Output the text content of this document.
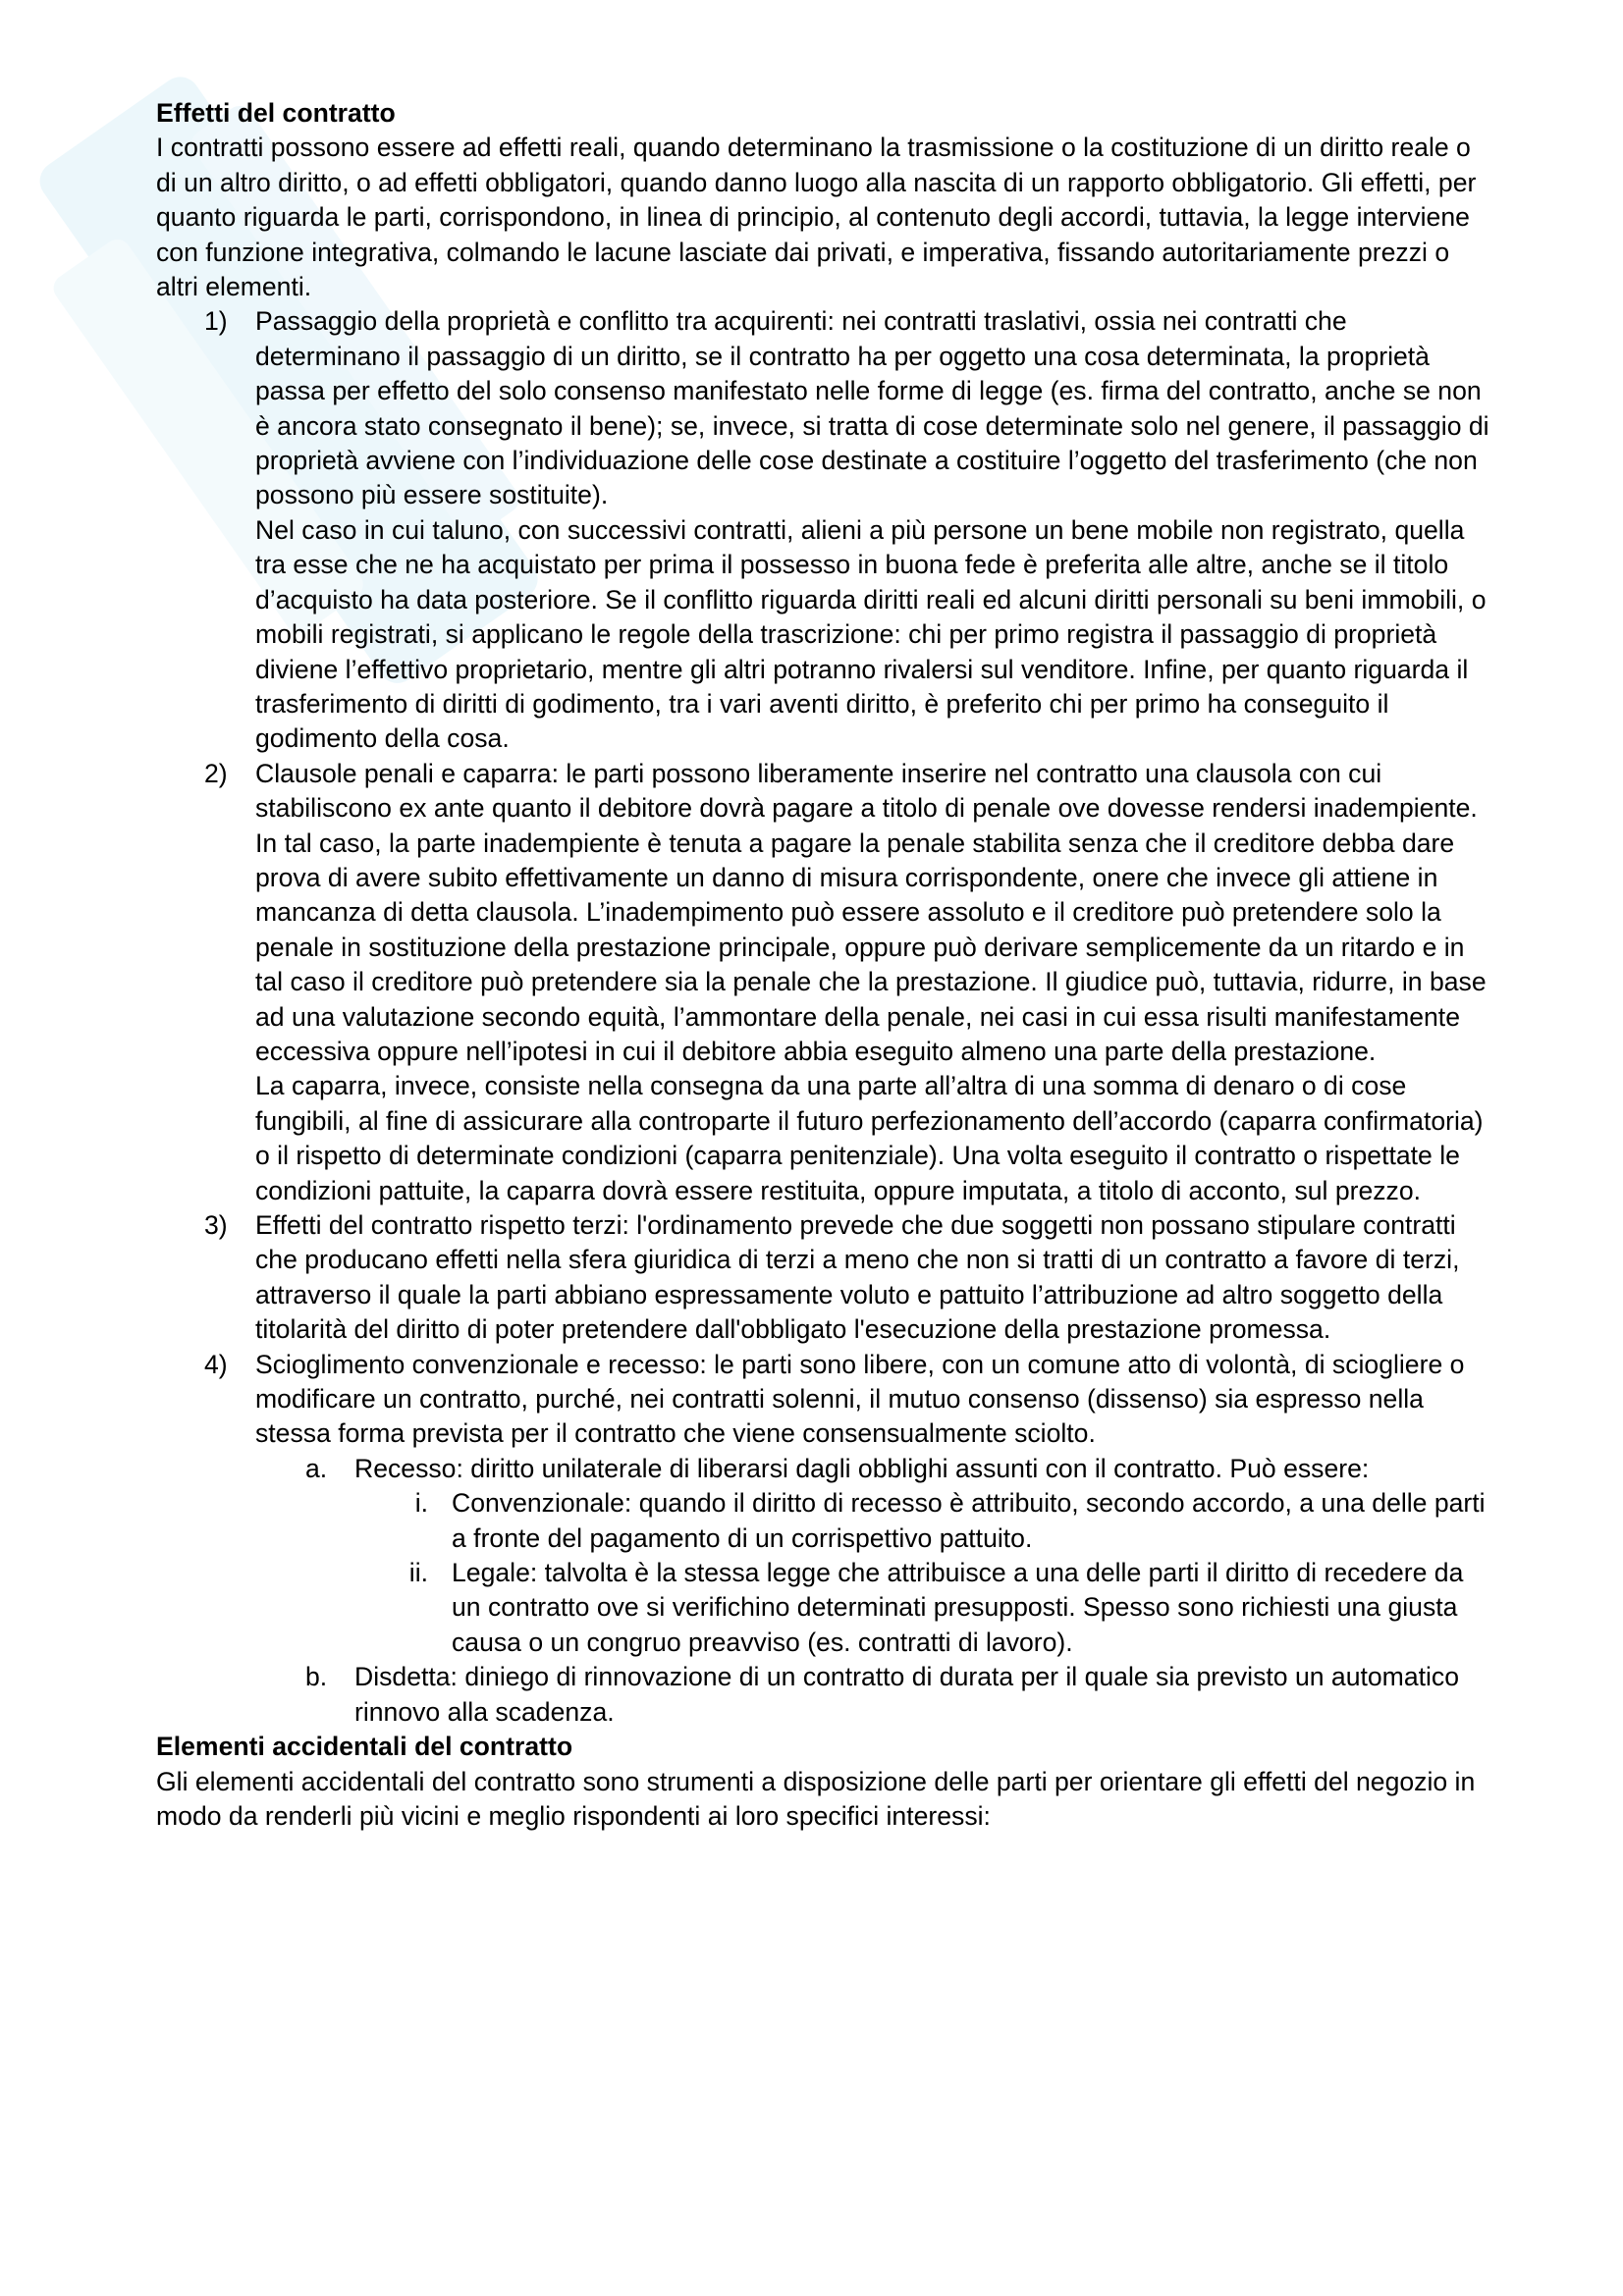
Effetti del contratto

I contratti possono essere ad effetti reali, quando determinano la trasmissione o la costituzione di un diritto reale o di un altro diritto, o ad effetti obbligatori, quando danno luogo alla nascita di un rapporto obbligatorio. Gli effetti, per quanto riguarda le parti, corrispondono, in linea di principio, al contenuto degli accordi, tuttavia, la legge interviene con funzione integrativa, colmando le lacune lasciate dai privati, e imperativa, fissando autoritariamente prezzi o altri elementi.

Passaggio della proprietà e conflitto tra acquirenti: nei contratti traslativi, ossia nei contratti che determinano il passaggio di un diritto, se il contratto ha per oggetto una cosa determinata, la proprietà passa per effetto del solo consenso manifestato nelle forme di legge (es. firma del contratto, anche se non è ancora stato consegnato il bene); se, invece, si tratta di cose determinate solo nel genere, il passaggio di proprietà avviene con l’individuazione delle cose destinate a costituire l’oggetto del trasferimento (che non possono più essere sostituite).

Nel caso in cui taluno, con successivi contratti, alieni a più persone un bene mobile non registrato, quella tra esse che ne ha acquistato per prima il possesso in buona fede è preferita alle altre, anche se il titolo d’acquisto ha data posteriore. Se il conflitto riguarda diritti reali ed alcuni diritti personali su beni immobili, o mobili registrati, si applicano le regole della trascrizione: chi per primo registra il passaggio di proprietà diviene l’effettivo proprietario, mentre gli altri potranno rivalersi sul venditore. Infine, per quanto riguarda il trasferimento di diritti di godimento, tra i vari aventi diritto, è preferito chi per primo ha conseguito il godimento della cosa.

Clausole penali e caparra: le parti possono liberamente inserire nel contratto una clausola con cui stabiliscono ex ante quanto il debitore dovrà pagare a titolo di penale ove dovesse rendersi inadempiente. In tal caso, la parte inadempiente è tenuta a pagare la penale stabilita senza che il creditore debba dare prova di avere subito effettivamente un danno di misura corrispondente, onere che invece gli attiene in mancanza di detta clausola. L’inadempimento può essere assoluto e il creditore può pretendere solo la penale in sostituzione della prestazione principale, oppure può derivare semplicemente da un ritardo e in tal caso il creditore può pretendere sia la penale che la prestazione. Il giudice può, tuttavia, ridurre, in base ad una valutazione secondo equità, l’ammontare della penale, nei casi in cui essa risulti manifestamente eccessiva oppure nell’ipotesi in cui il debitore abbia eseguito almeno una parte della prestazione.

La caparra, invece, consiste nella consegna da una parte all’altra di una somma di denaro o di cose fungibili, al fine di assicurare alla controparte il futuro perfezionamento dell’accordo (caparra confirmatoria) o il rispetto di determinate condizioni (caparra penitenziale). Una volta eseguito il contratto o rispettate le condizioni pattuite, la caparra dovrà essere restituita, oppure imputata, a titolo di acconto, sul prezzo.

Effetti del contratto rispetto terzi: l'ordinamento prevede che due soggetti non possano stipulare contratti che producano effetti nella sfera giuridica di terzi a meno che non si tratti di un contratto a favore di terzi, attraverso il quale la parti abbiano espressamente voluto e pattuito l’attribuzione ad altro soggetto della titolarità del diritto di poter pretendere dall'obbligato l'esecuzione della prestazione promessa.

Scioglimento convenzionale e recesso: le parti sono libere, con un comune atto di volontà, di sciogliere o modificare un contratto, purché, nei contratti solenni, il mutuo consenso (dissenso) sia espresso nella stessa forma prevista per il contratto che viene consensualmente sciolto.

a. Recesso: diritto unilaterale di liberarsi dagli obblighi assunti con il contratto. Può essere:
i. Convenzionale: quando il diritto di recesso è attribuito, secondo accordo, a una delle parti a fronte del pagamento di un corrispettivo pattuito.
ii. Legale: talvolta è la stessa legge che attribuisce a una delle parti il diritto di recedere da un contratto ove si verifichino determinati presupposti. Spesso sono richiesti una giusta causa o un congruo preavviso (es. contratti di lavoro).
b. Disdetta: diniego di rinnovazione di un contratto di durata per il quale sia previsto un automatico rinnovo alla scadenza.
Elementi accidentali del contratto

Gli elementi accidentali del contratto sono strumenti a disposizione delle parti per orientare gli effetti del negozio in modo da renderli più vicini e meglio rispondenti ai loro specifici interessi:
